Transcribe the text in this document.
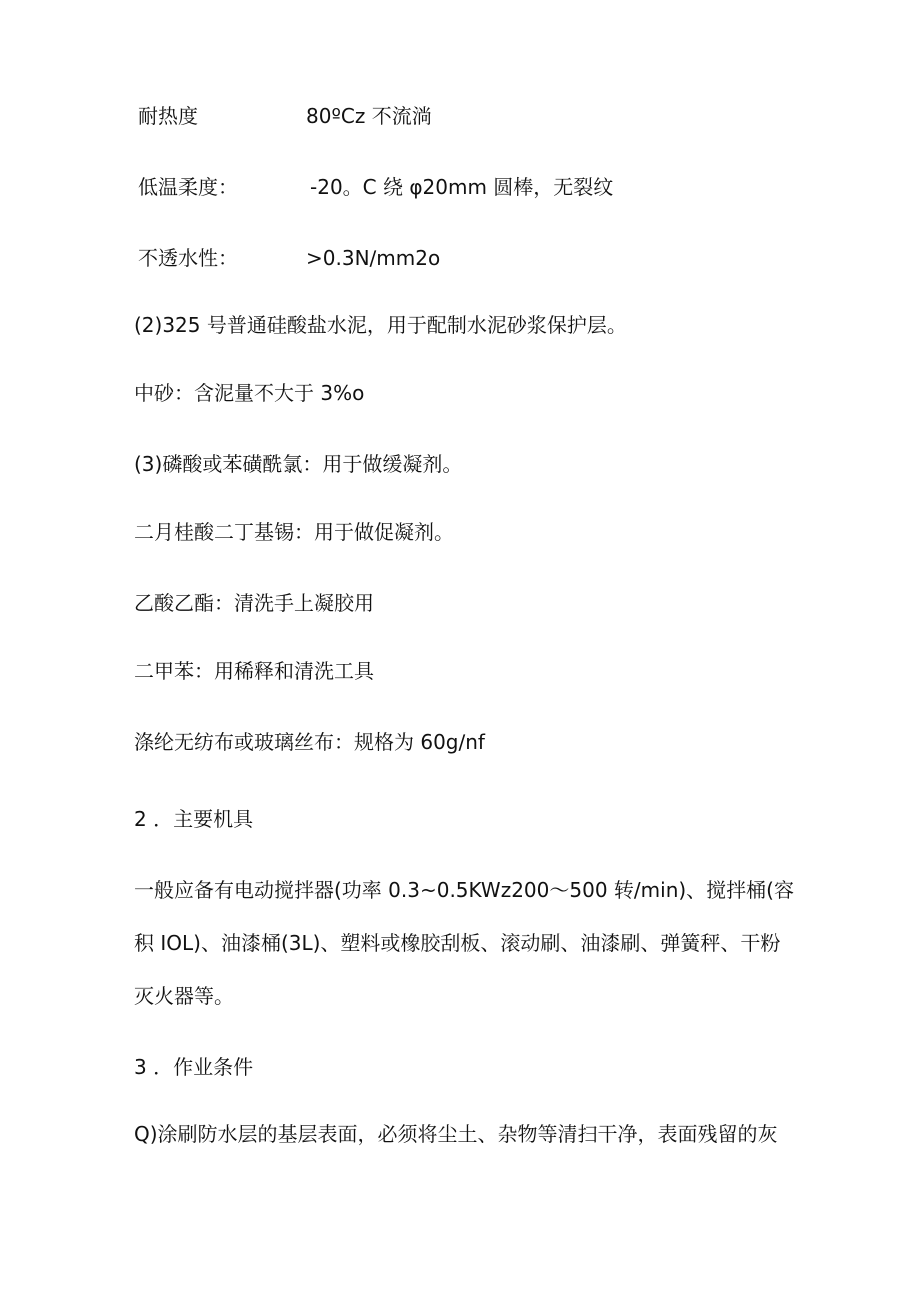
耐热度	80ºCz 不流淌
低温柔度：	-20。C 绕 φ20mm 圆棒，无裂纹
不透水性：	>0.3N∕mm2o
(2)325 号普通硅酸盐水泥，用于配制水泥砂浆保护层。
中砂：含泥量不大于 3%o
(3)磷酸或苯磺酰氯：用于做缓凝剂。
二月桂酸二丁基锡：用于做促凝剂。
乙酸乙酯：清洗手上凝胶用
二甲苯：用稀释和清洗工具
涤纶无纺布或玻璃丝布：规格为 60g∕nf
2 ．主要机具
一般应备有电动搅拌器(功率 0.3~0.5KWz200～500 转/min)、搅拌桶(容
积 IOL)、油漆桶(3L)、塑料或橡胶刮板、滚动刷、油漆刷、弹簧秤、干粉
灭火器等。
3 ．作业条件
Q)涂刷防水层的基层表面，必须将尘土、杂物等清扫干净，表面残留的灰
